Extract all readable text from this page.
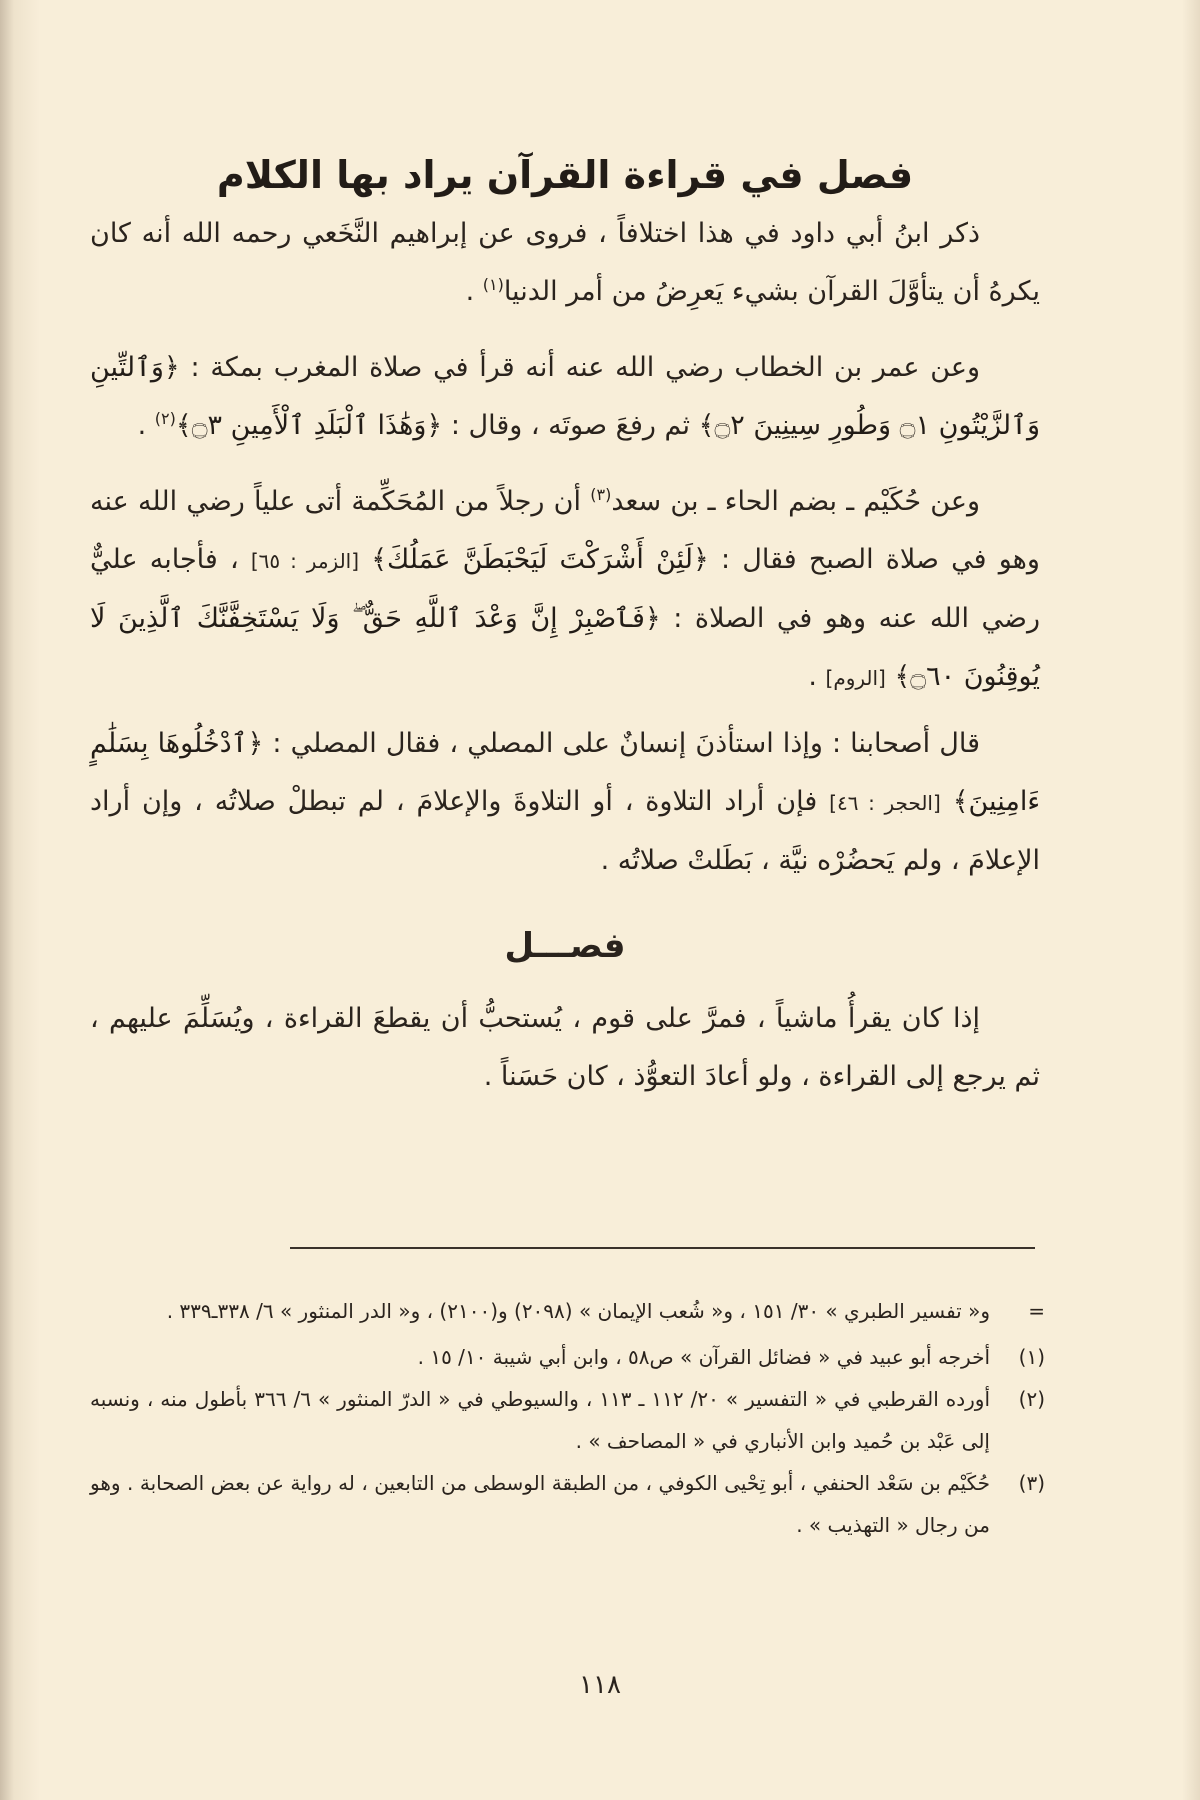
فصل في قراءة القرآن يراد بها الكلام

ذكر ابنُ أبي داود في هذا اختلافاً ، فروى عن إبراهيم النَّخَعي رحمه الله أنه كان يكرهُ أن يتأوَّلَ القرآن بشيء يَعرِضُ من أمر الدنيا$^{(١)}$ .

وعن عمر بن الخطاب رضي الله عنه أنه قرأ في صلاة المغرب بمكة : ﴿وَٱلتِّينِ وَٱلزَّيْتُونِ ۝١ وَطُورِ سِينِينَ ۝٢﴾ ثم رفعَ صوتَه ، وقال : ﴿وَهَٰذَا ٱلْبَلَدِ ٱلْأَمِينِ ۝٣﴾$^{(٢)}$ .

وعن حُكَيْم ـ بضم الحاء ـ بن سعد$^{(٣)}$ أن رجلاً من المُحَكِّمة أتى علياً رضي الله عنه وهو في صلاة الصبح فقال : ﴿لَئِنْ أَشْرَكْتَ لَيَحْبَطَنَّ عَمَلُكَ﴾ [الزمر : ٦٥] ، فأجابه عليٌّ رضي الله عنه وهو في الصلاة : ﴿فَٱصْبِرْ إِنَّ وَعْدَ ٱللَّهِ حَقٌّ ۖ وَلَا يَسْتَخِفَّنَّكَ ٱلَّذِينَ لَا يُوقِنُونَ ۝٦٠﴾ [الروم] .

قال أصحابنا : وإذا استأذنَ إنسانٌ على المصلي ، فقال المصلي : ﴿ٱدْخُلُوهَا بِسَلَٰمٍ ءَامِنِينَ﴾ [الحجر : ٤٦] فإن أراد التلاوة ، أو التلاوةَ والإعلامَ ، لم تبطلْ صلاتُه ، وإن أراد الإعلامَ ، ولم يَحضُرْه نيَّة ، بَطَلتْ صلاتُه .

فصـــل

إذا كان يقرأُ ماشياً ، فمرَّ على قوم ، يُستحبُّ أن يقطعَ القراءة ، ويُسَلِّمَ عليهم ، ثم يرجع إلى القراءة ، ولو أعادَ التعوُّذ ، كان حَسَناً .

=
و« تفسير الطبري » ٣٠/ ١٥١ ، و« شُعب الإيمان » (٢٠٩٨) و(٢١٠٠) ، و« الدر المنثور » ٦/ ٣٣٨ـ٣٣٩ .
(١)
أخرجه أبو عبيد في « فضائل القرآن » ص٥٨ ، وابن أبي شيبة ١٠/ ١٥ .
(٢)
أورده القرطبي في « التفسير » ٢٠/ ١١٢ ـ ١١٣ ، والسيوطي في « الدرّ المنثور » ٦/ ٣٦٦ بأطول منه ، ونسبه إلى عَبْد بن حُميد وابن الأنباري في « المصاحف » .
(٣)
حُكَيْم بن سَعْد الحنفي ، أبو تِحْيى الكوفي ، من الطبقة الوسطى من التابعين ، له رواية عن بعض الصحابة . وهو من رجال « التهذيب » .
١١٨
